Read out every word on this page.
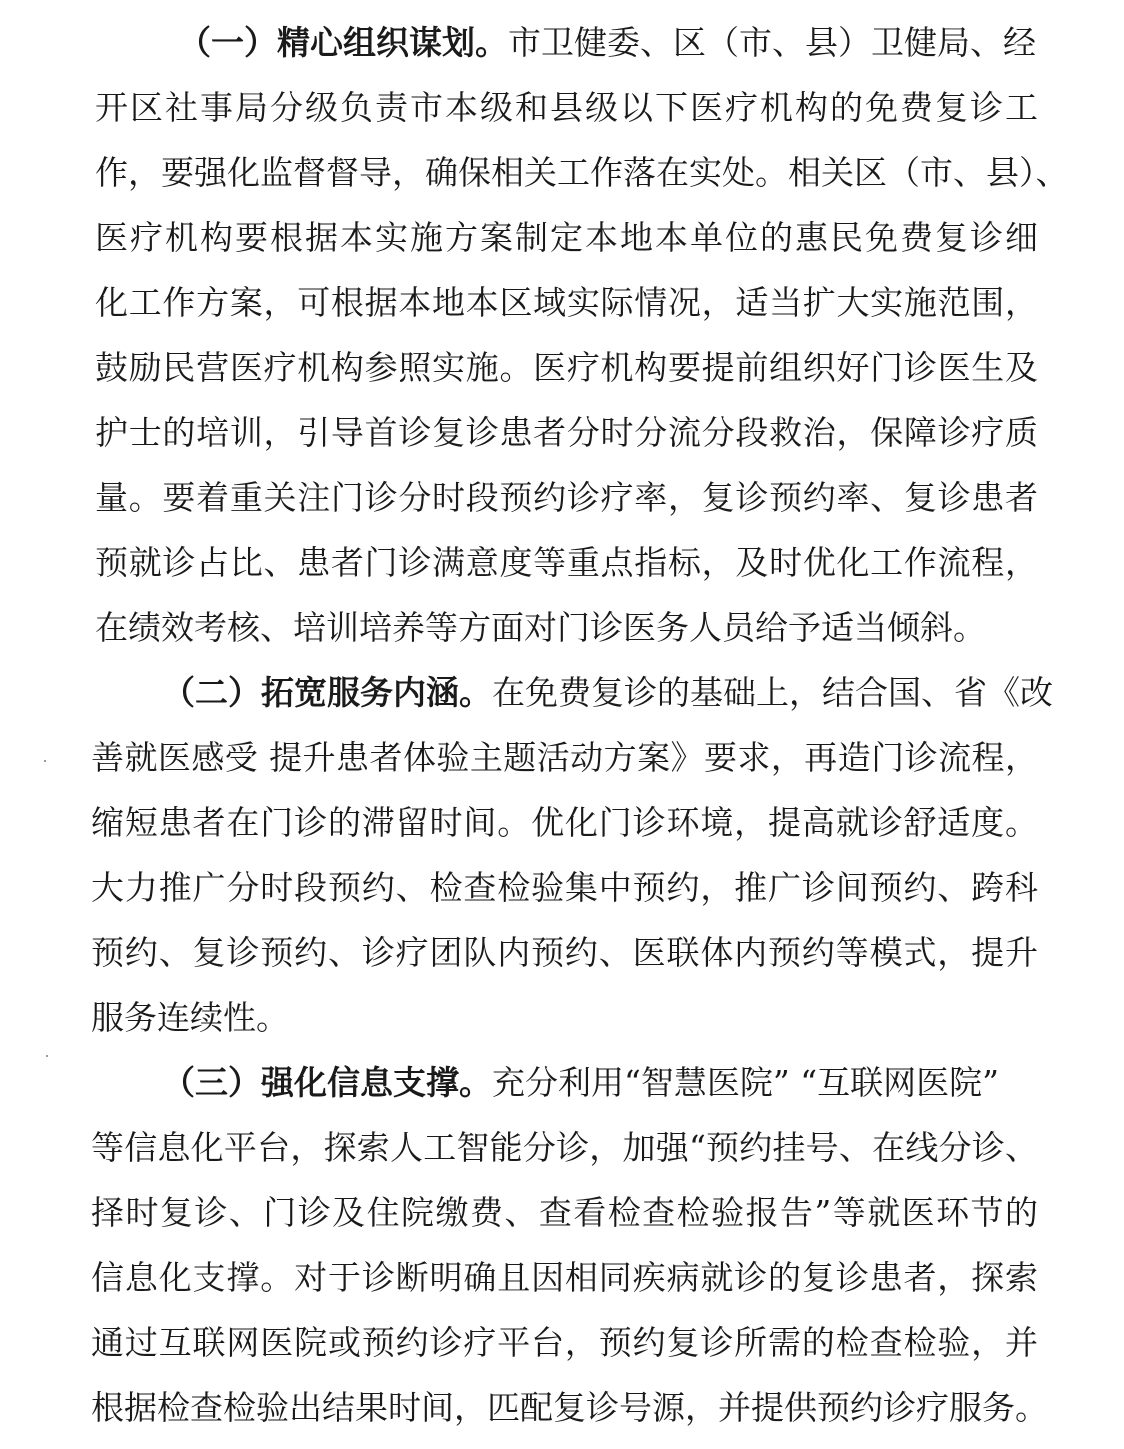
（一）精心组织谋划。市卫健委、区（市、县）卫健局、经
开区社事局分级负责市本级和县级以下医疗机构的免费复诊工
作，要强化监督督导，确保相关工作落在实处。相关区（市、县）、
医疗机构要根据本实施方案制定本地本单位的惠民免费复诊细
化工作方案，可根据本地本区域实际情况，适当扩大实施范围，
鼓励民营医疗机构参照实施。医疗机构要提前组织好门诊医生及
护士的培训，引导首诊复诊患者分时分流分段救治，保障诊疗质
量。要着重关注门诊分时段预约诊疗率，复诊预约率、复诊患者
预就诊占比、患者门诊满意度等重点指标，及时优化工作流程，
在绩效考核、培训培养等方面对门诊医务人员给予适当倾斜。
（二）拓宽服务内涵。在免费复诊的基础上，结合国、省《改
善就医感受 提升患者体验主题活动方案》要求，再造门诊流程，
缩短患者在门诊的滞留时间。优化门诊环境，提高就诊舒适度。
大力推广分时段预约、检查检验集中预约，推广诊间预约、跨科
预约、复诊预约、诊疗团队内预约、医联体内预约等模式，提升
服务连续性。
（三）强化信息支撑。充分利用“智慧医院” “互联网医院”
等信息化平台，探索人工智能分诊，加强“预约挂号、在线分诊、
择时复诊、门诊及住院缴费、查看检查检验报告”等就医环节的
信息化支撑。对于诊断明确且因相同疾病就诊的复诊患者，探索
通过互联网医院或预约诊疗平台，预约复诊所需的检查检验，并
根据检查检验出结果时间，匹配复诊号源，并提供预约诊疗服务。
